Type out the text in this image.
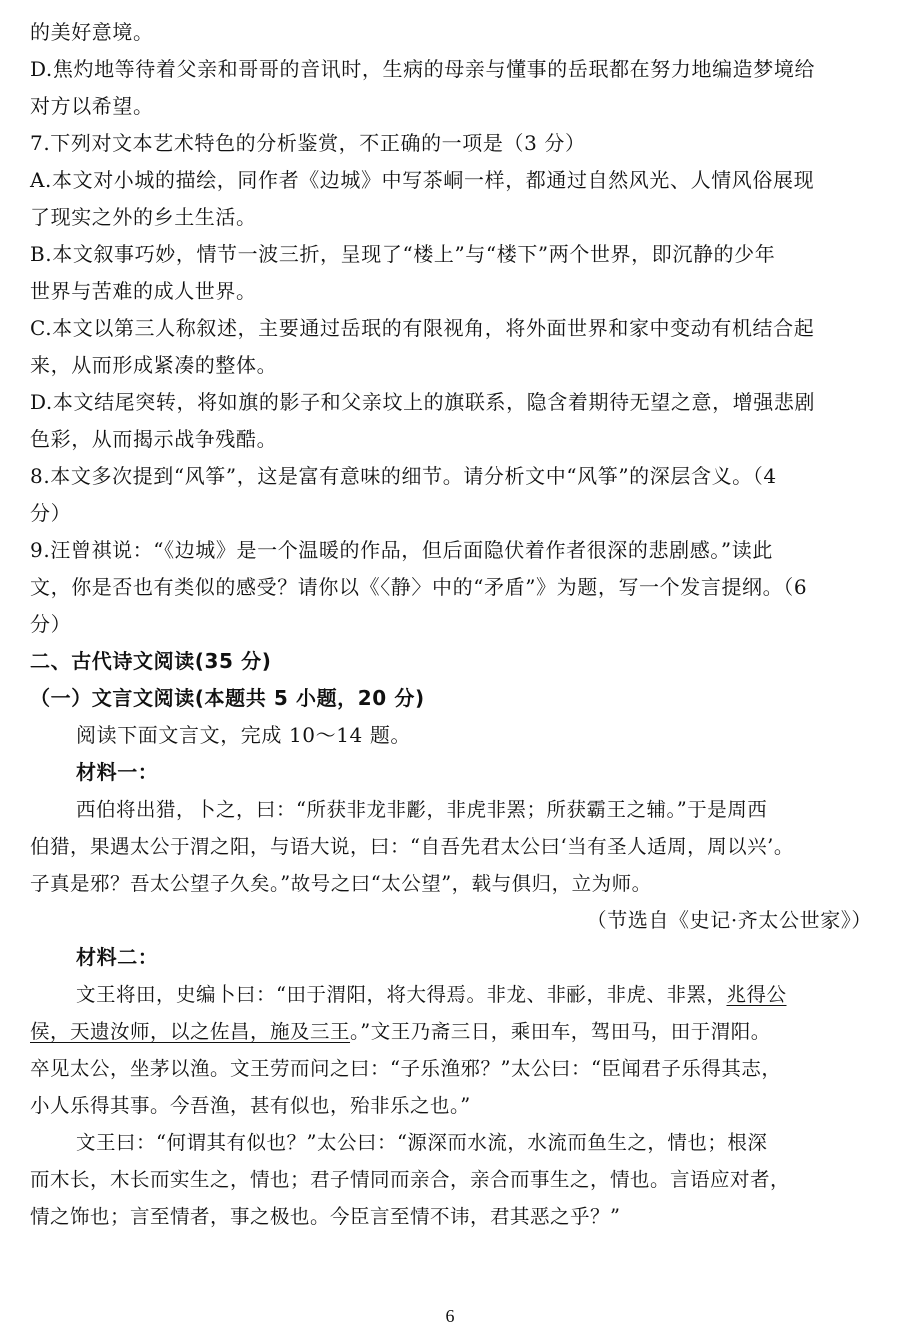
的美好意境。
D.焦灼地等待着父亲和哥哥的音讯时，生病的母亲与懂事的岳珉都在努力地编造梦境给
对方以希望。
7.下列对文本艺术特色的分析鉴赏，不正确的一项是（3 分）
A.本文对小城的描绘，同作者《边城》中写茶峒一样，都通过自然风光、人情风俗展现
了现实之外的乡土生活。
B.本文叙事巧妙，情节一波三折，呈现了“楼上”与“楼下”两个世界，即沉静的少年
世界与苦难的成人世界。
C.本文以第三人称叙述，主要通过岳珉的有限视角，将外面世界和家中变动有机结合起
来，从而形成紧凑的整体。
D.本文结尾突转，将如旗的影子和父亲坟上的旗联系，隐含着期待无望之意，增强悲剧
色彩，从而揭示战争残酷。
8.本文多次提到“风筝”，这是富有意味的细节。请分析文中“风筝”的深层含义。（4
分）
9.汪曾祺说：“《边城》是一个温暖的作品，但后面隐伏着作者很深的悲剧感。”读此
文，你是否也有类似的感受？请你以《〈静〉中的“矛盾”》为题，写一个发言提纲。（6
分）
二、古代诗文阅读(35 分)
（一）文言文阅读(本题共 5 小题，20 分)
阅读下面文言文，完成 10～14 题。
材料一：
西伯将出猎，卜之，曰：“所获非龙非彲，非虎非罴；所获霸王之辅。”于是周西
伯猎，果遇太公于渭之阳，与语大说，曰：“自吾先君太公曰‘当有圣人适周，周以兴’。
子真是邪？吾太公望子久矣。”故号之曰“太公望”，载与俱归，立为师。
（节选自《史记·齐太公世家》）
材料二：
文王将田，史编卜曰：“田于渭阳，将大得焉。非龙、非彨，非虎、非罴，兆得公
侯，天遗汝师，以之佐昌，施及三王。”文王乃斋三日，乘田车，驾田马，田于渭阳。
卒见太公，坐茅以渔。文王劳而问之曰：“子乐渔邪？”太公曰：“臣闻君子乐得其志，
小人乐得其事。今吾渔，甚有似也，殆非乐之也。”
文王曰：“何谓其有似也？”太公曰：“源深而水流，水流而鱼生之，情也；根深
而木长，木长而实生之，情也；君子情同而亲合，亲合而事生之，情也。言语应对者，
情之饰也；言至情者，事之极也。今臣言至情不讳，君其恶之乎？”
6
